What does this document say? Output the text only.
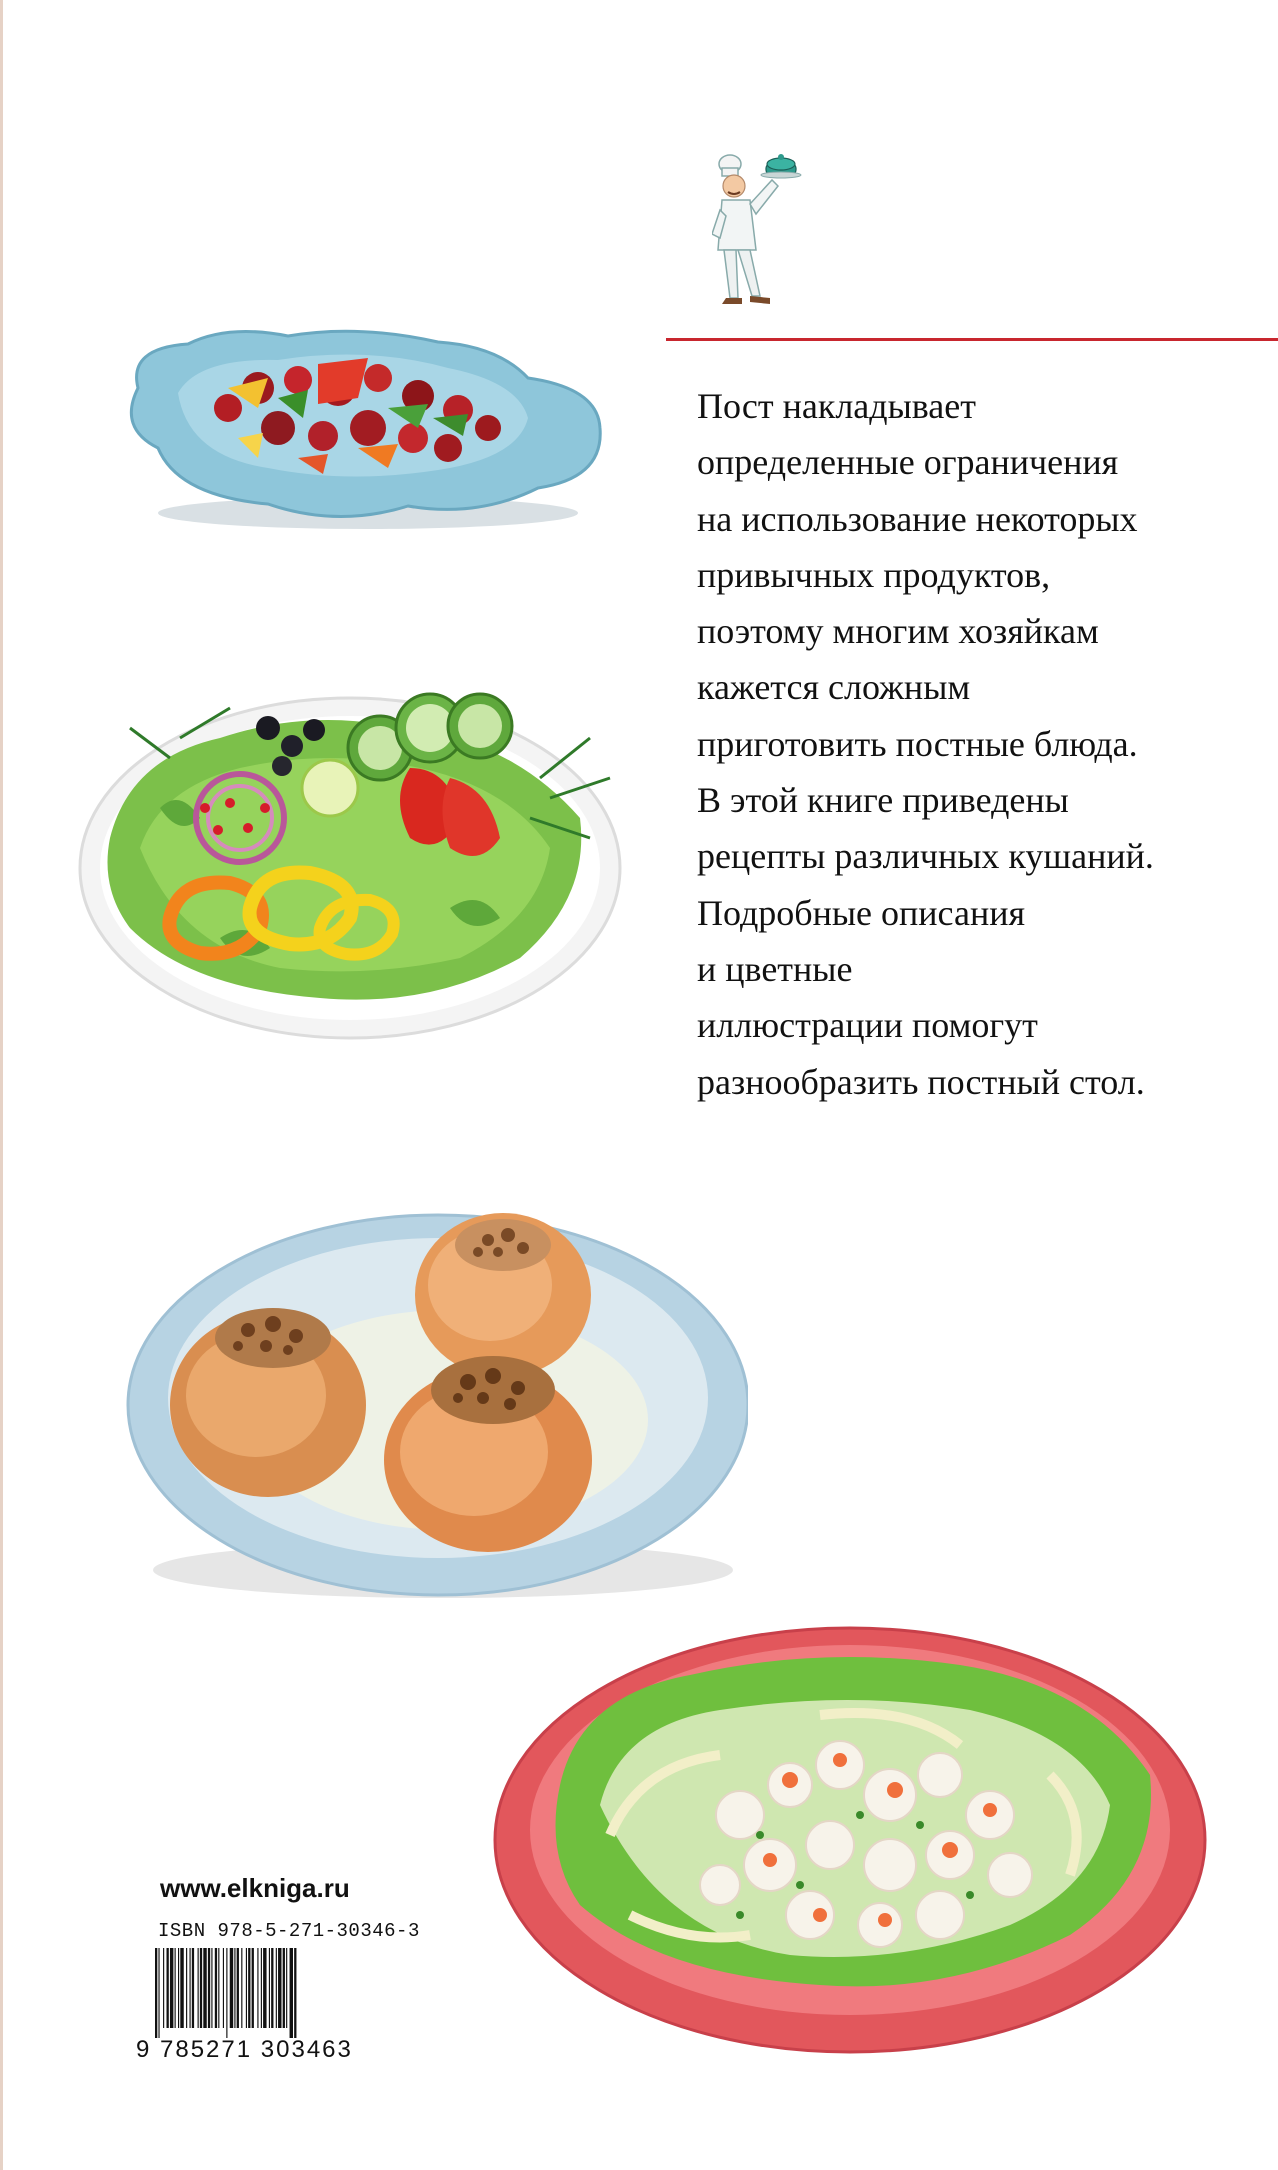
Пост накладывает
определенные ограничения
на использование некоторых
привычных продуктов,
поэтому многим хозяйкам
кажется сложным
приготовить постные блюда.
В этой книге приведены
рецепты различных кушаний.
Подробные описания
и цветные
иллюстрации помогут
разнообразить постный стол.

www.elkniga.ru
ISBN 978-5-271-30346-3
9 785271 303463
